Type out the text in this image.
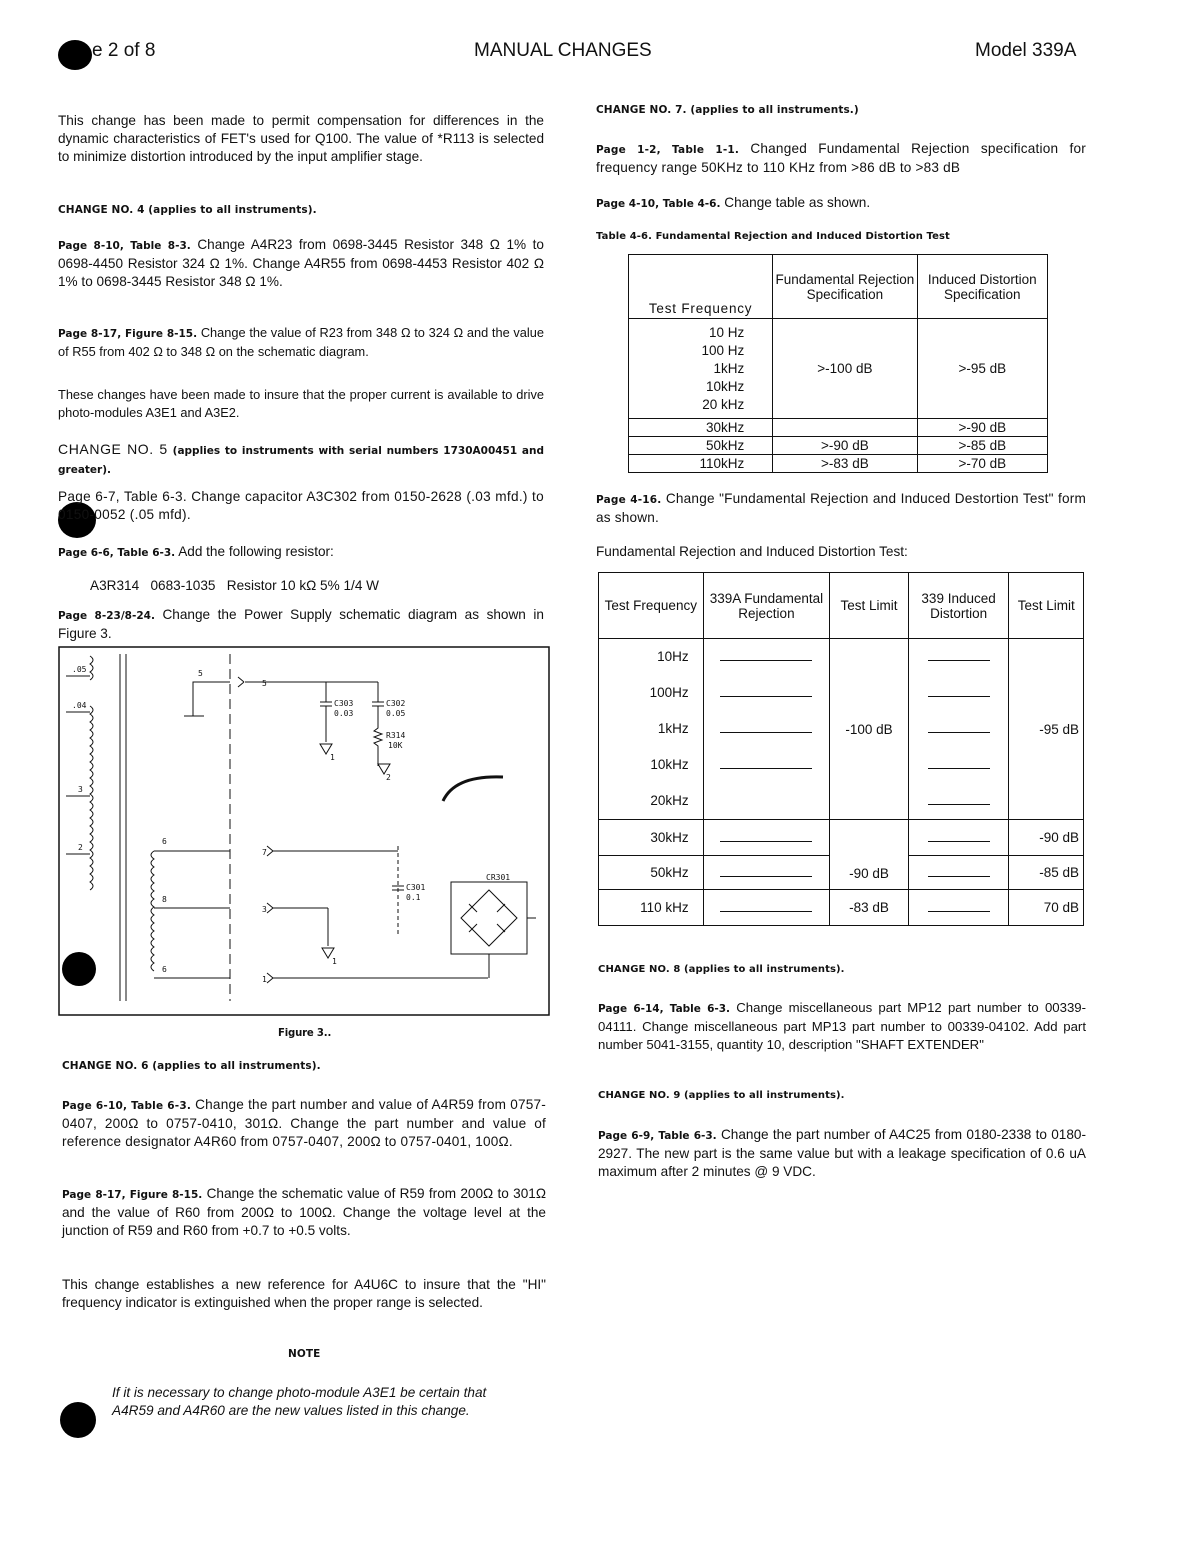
e 2 of 8	MANUAL CHANGES	Model 339A

This change has been made to permit compensation for differences in the dynamic characteristics of FET's used for Q100. The value of *R113 is selected to minimize distortion introduced by the input amplifier stage.

CHANGE NO. 4 (applies to all instruments).

Page 8-10, Table 8-3. Change A4R23 from 0698-3445 Resistor 348 Ω 1% to 0698-4450 Resistor 324 Ω 1%. Change A4R55 from 0698-4453 Resistor 402 Ω 1% to 0698-3445 Resistor 348 Ω 1%.

Page 8-17, Figure 8-15. Change the value of R23 from 348 Ω to 324 Ω and the value of R55 from 402 Ω to 348 Ω on the schematic diagram.

These changes have been made to insure that the proper current is available to drive photo-modules A3E1 and A3E2.

CHANGE NO. 5 (applies to instruments with serial numbers 1730A00451 and greater).

Page 6-7, Table 6-3. Change capacitor A3C302 from 0150-2628 (.03 mfd.) to 0150-0052 (.05 mfd).

Page 6-6, Table 6-3. Add the following resistor:

A3R314   0683-1035   Resistor 10 kΩ 5% 1/4 W

Page 8-23/8-24. Change the Power Supply schematic diagram as shown in Figure 3.

.05
.04
3
2
5
6
8
6
5
7
3
1
C303
0.03
C302
0.05
R314
10K
1
2
1
C301
0.1
CR301
Figure 3..
CHANGE NO. 6 (applies to all instruments).

Page 6-10, Table 6-3. Change the part number and value of A4R59 from 0757-0407, 200Ω to 0757-0410, 301Ω. Change the part number and value of reference designator A4R60 from 0757-0407, 200Ω to 0757-0401, 100Ω.

Page 8-17, Figure 8-15. Change the schematic value of R59 from 200Ω to 301Ω and the value of R60 from 200Ω to 100Ω. Change the voltage level at the junction of R59 and R60 from +0.7 to +0.5 volts.

This change establishes a new reference for A4U6C to insure that the "HI" frequency indicator is extinguished when the proper range is selected.

NOTE

If it is necessary to change photo-module A3E1 be certain that A4R59 and A4R60 are the new values listed in this change.

CHANGE NO. 7. (applies to all instruments.)

Page 1-2, Table 1-1. Changed Fundamental Rejection specification for frequency range 50KHz to 110 KHz from >86 dB to >83 dB

Page 4-10, Table 4-6. Change table as shown.

Table 4-6. Fundamental Rejection and Induced Distortion Test
Test Frequency	Fundamental Rejection Specification	Induced Distortion Specification

10 Hz
100 Hz
1kHz
10kHz
20 kHz	>-100 dB	>-95 dB
30kHz		>-90 dB
50kHz	>-90 dB	>-85 dB
110kHz	>-83 dB	>-70 dB

Page 4-16. Change "Fundamental Rejection and Induced Destortion Test" form as shown.

Fundamental Rejection and Induced Distortion Test:
Test Frequency	339A Fundamental Rejection	Test Limit	339 Induced Distortion	Test Limit

10Hz
100Hz
1kHz
10kHz
20kHz		-100 dB		-95 dB
30kHz		-90 dB		-90 dB
50kHz				-85 dB
110 kHz		-83 dB		70 dB
CHANGE NO. 8 (applies to all instruments).

Page 6-14, Table 6-3. Change miscellaneous part MP12 part number to 00339-04111. Change miscellaneous part MP13 part number to 00339-04102. Add part number 5041-3155, quantity 10, description "SHAFT EXTENDER"

CHANGE NO. 9 (applies to all instruments).

Page 6-9, Table 6-3. Change the part number of A4C25 from 0180-2338 to 0180-2927. The new part is the same value but with a leakage specification of 0.6 uA maximum after 2 minutes @ 9 VDC.
